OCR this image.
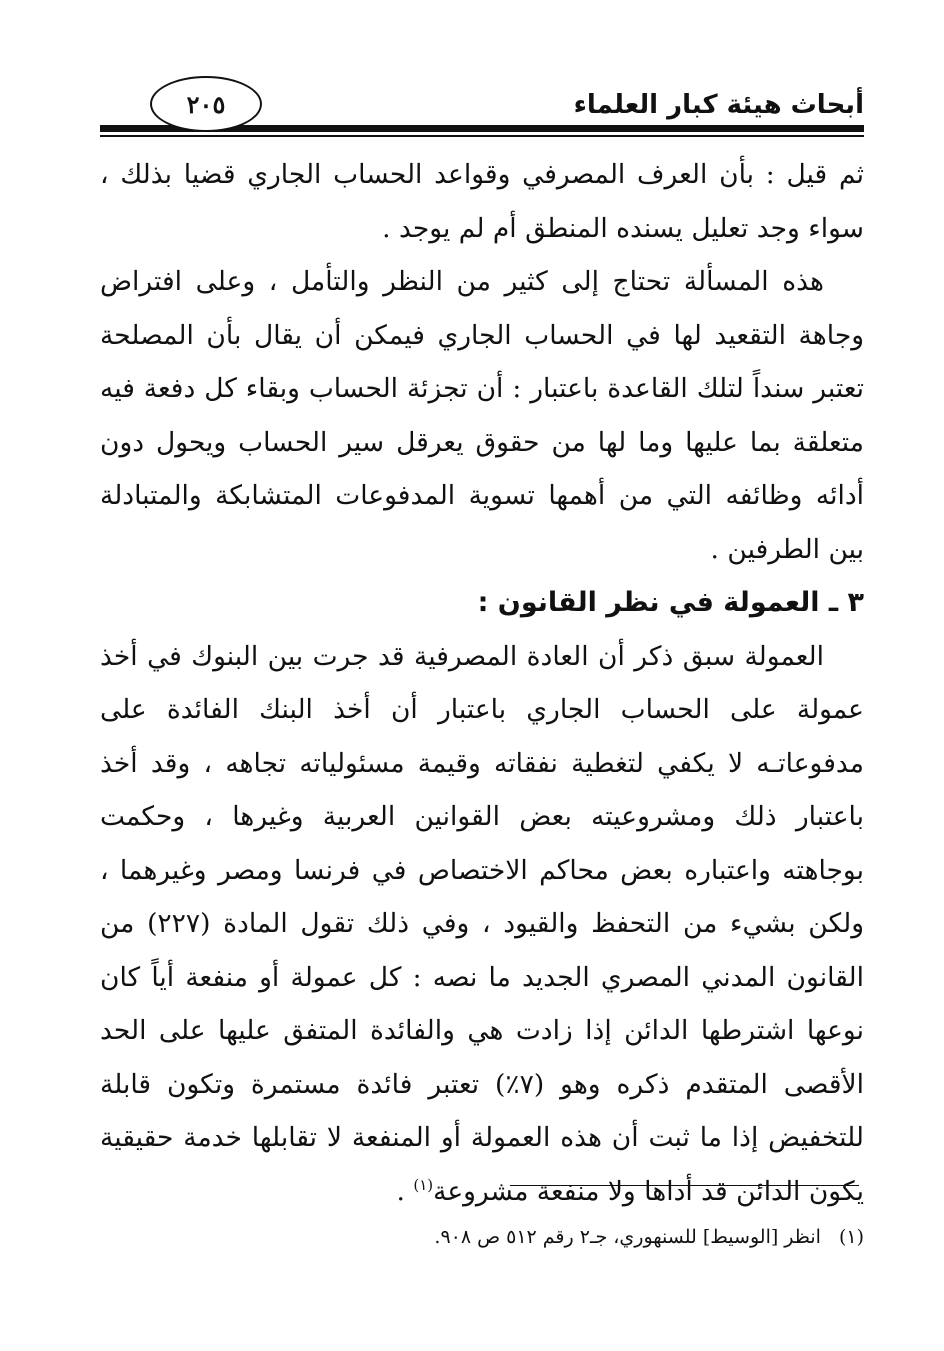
أبحاث هيئة كبار العلماء
٢٠٥

ثم قيل : بأن العرف المصرفي وقواعد الحساب الجاري قضيا بذلك ، سواء وجد تعليل يسنده المنطق أم لم يوجد .

هذه المسألة تحتاج إلى كثير من النظر والتأمل ، وعلى افتراض وجاهة التقعيد لها في الحساب الجاري فيمكن أن يقال بأن المصلحة تعتبر سنداً لتلك القاعدة باعتبار : أن تجزئة الحساب وبقاء كل دفعة فيه متعلقة بما عليها وما لها من حقوق يعرقل سير الحساب ويحول دون أدائه وظائفه التي من أهمها تسوية المدفوعات المتشابكة والمتبادلة بين الطرفين .

٣ ـ العمولة في نظر القانون :

العمولة سبق ذكر أن العادة المصرفية قد جرت بين البنوك في أخذ عمولة على الحساب الجاري باعتبار أن أخذ البنك الفائدة على مدفوعاتـه لا يكفي لتغطية نفقاته وقيمة مسئولياته تجاهه ، وقد أخذ باعتبار ذلك ومشروعيته بعض القوانين العربية وغيرها ، وحكمت بوجاهته واعتباره بعض محاكم الاختصاص في فرنسا ومصر وغيرهما ، ولكن بشيء من التحفظ والقيود ، وفي ذلك تقول المادة (٢٢٧) من القانون المدني المصري الجديد ما نصه : كل عمولة أو منفعة أياً كان نوعها اشترطها الدائن إذا زادت هي والفائدة المتفق عليها على الحد الأقصى المتقدم ذكره وهو (٧٪) تعتبر فائدة مستمرة وتكون قابلة للتخفيض إذا ما ثبت أن هذه العمولة أو المنفعة لا تقابلها خدمة حقيقية يكون الدائن قد أداها ولا منفعة مشروعة$^{(١)}$ .

(١)انظر [الوسيط] للسنهوري، جـ٢ رقم ٥١٢ ص ٩٠٨.
